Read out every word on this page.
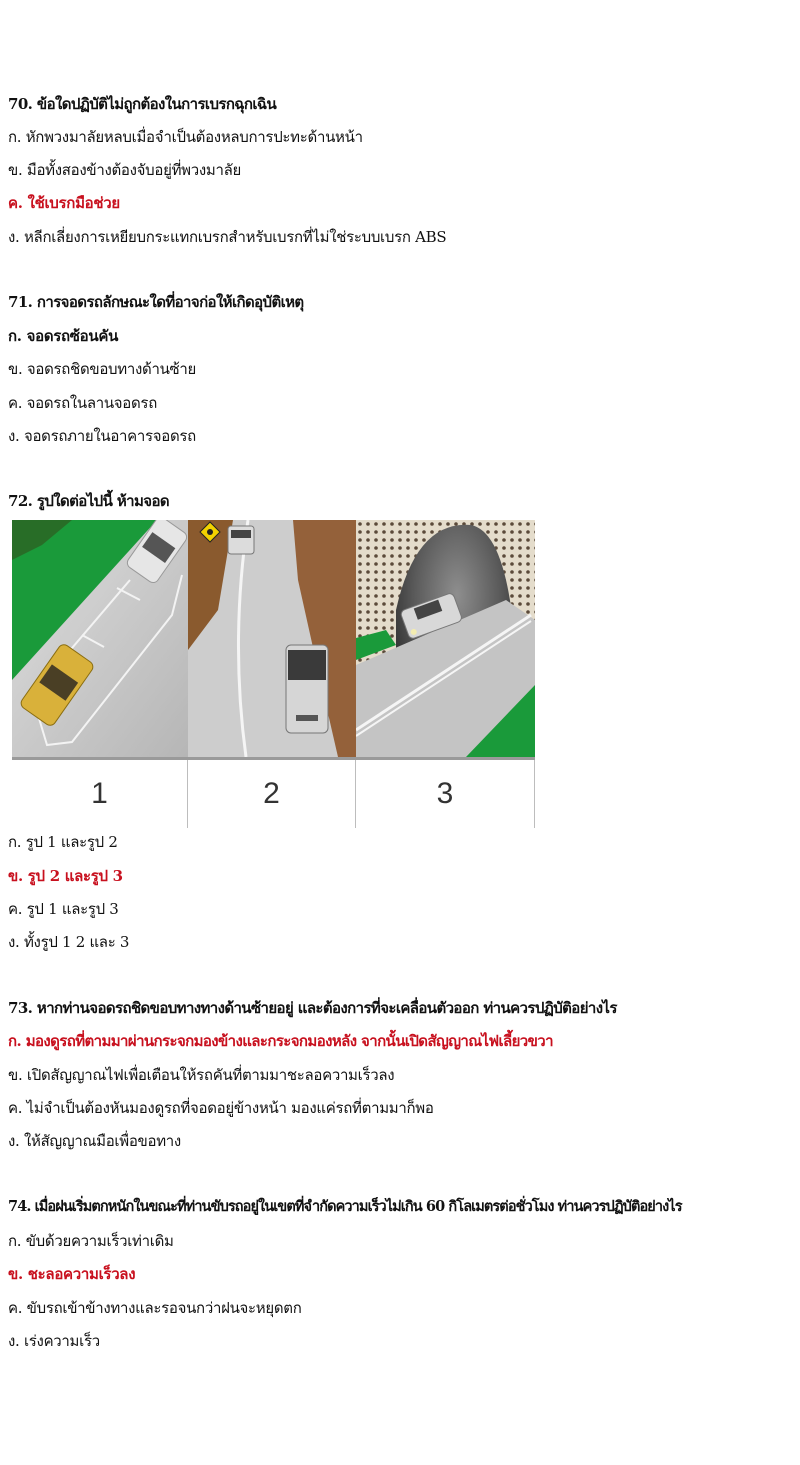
70. ข้อใดปฏิบัติไม่ถูกต้องในการเบรกฉุกเฉิน
ก. หักพวงมาลัยหลบเมื่อจำเป็นต้องหลบการปะทะด้านหน้า
ข. มือทั้งสองข้างต้องจับอยู่ที่พวงมาลัย
ค. ใช้เบรกมือช่วย
ง. หลีกเลี่ยงการเหยียบกระแทกเบรกสำหรับเบรกที่ไม่ใช่ระบบเบรก ABS
71. การจอดรถลักษณะใดที่อาจก่อให้เกิดอุบัติเหตุ
ก. จอดรถซ้อนคัน
ข. จอดรถชิดขอบทางด้านซ้าย
ค. จอดรถในลานจอดรถ
ง. จอดรถภายในอาคารจอดรถ
72. รูปใดต่อไปนี้ ห้ามจอด
1	2	3
ก. รูป 1 และรูป 2
ข. รูป 2 และรูป 3
ค. รูป 1 และรูป 3
ง. ทั้งรูป 1 2 และ 3
73. หากท่านจอดรถชิดขอบทางทางด้านซ้ายอยู่ และต้องการที่จะเคลื่อนตัวออก ท่านควรปฏิบัติอย่างไร
ก. มองดูรถที่ตามมาผ่านกระจกมองข้างและกระจกมองหลัง จากนั้นเปิดสัญญาณไฟเลี้ยวขวา
ข. เปิดสัญญาณไฟเพื่อเตือนให้รถคันที่ตามมาชะลอความเร็วลง
ค. ไม่จำเป็นต้องหันมองดูรถที่จอดอยู่ข้างหน้า มองแค่รถที่ตามมาก็พอ
ง. ให้สัญญาณมือเพื่อขอทาง
74. เมื่อฝนเริ่มตกหนักในขณะที่ท่านขับรถอยู่ในเขตที่จำกัดความเร็วไม่เกิน 60 กิโลเมตรต่อชั่วโมง ท่านควรปฏิบัติอย่างไร
ก. ขับด้วยความเร็วเท่าเดิม
ข. ชะลอความเร็วลง
ค. ขับรถเข้าข้างทางและรอจนกว่าฝนจะหยุดตก
ง. เร่งความเร็ว
